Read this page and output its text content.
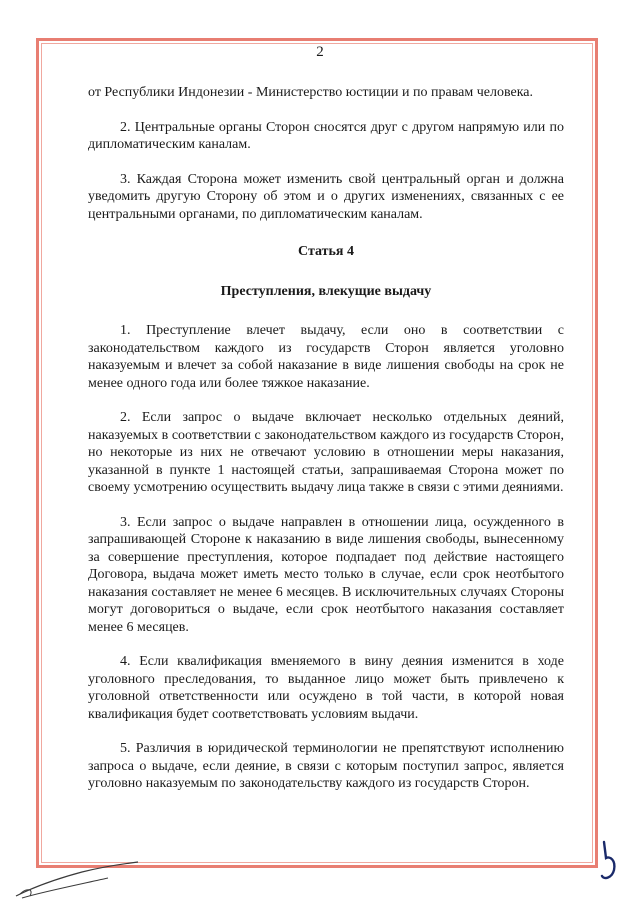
2

от Республики Индонезии - Министерство юстиции и по правам человека.

2. Центральные органы Сторон сносятся друг с другом напрямую или по дипломатическим каналам.

3. Каждая Сторона может изменить свой центральный орган и должна уведомить другую Сторону об этом и о других изменениях, связанных с ее центральными органами, по дипломатическим каналам.

Статья 4

Преступления, влекущие выдачу

1. Преступление влечет выдачу, если оно в соответствии с законодательством каждого из государств Сторон является уголовно наказуемым и влечет за собой наказание в виде лишения свободы на срок не менее одного года или более тяжкое наказание.

2. Если запрос о выдаче включает несколько отдельных деяний, наказуемых в соответствии с законодательством каждого из государств Сторон, но некоторые из них не отвечают условию в отношении меры наказания, указанной в пункте 1 настоящей статьи, запрашиваемая Сторона может по своему усмотрению осуществить выдачу лица также в связи с этими деяниями.

3. Если запрос о выдаче направлен в отношении лица, осужденного в запрашивающей Стороне к наказанию в виде лишения свободы, вынесенному за совершение преступления, которое подпадает под действие настоящего Договора, выдача может иметь место только в случае, если срок неотбытого наказания составляет не менее 6 месяцев. В исключительных случаях Стороны могут договориться о выдаче, если срок неотбытого наказания составляет менее 6 месяцев.

4. Если квалификация вменяемого в вину деяния изменится в ходе уголовного преследования, то выданное лицо может быть привлечено к уголовной ответственности или осуждено в той части, в которой новая квалификация будет соответствовать условиям выдачи.

5. Различия в юридической терминологии не препятствуют исполнению запроса о выдаче, если деяние, в связи с которым поступил запрос, является уголовно наказуемым по законодательству каждого из государств Сторон.
